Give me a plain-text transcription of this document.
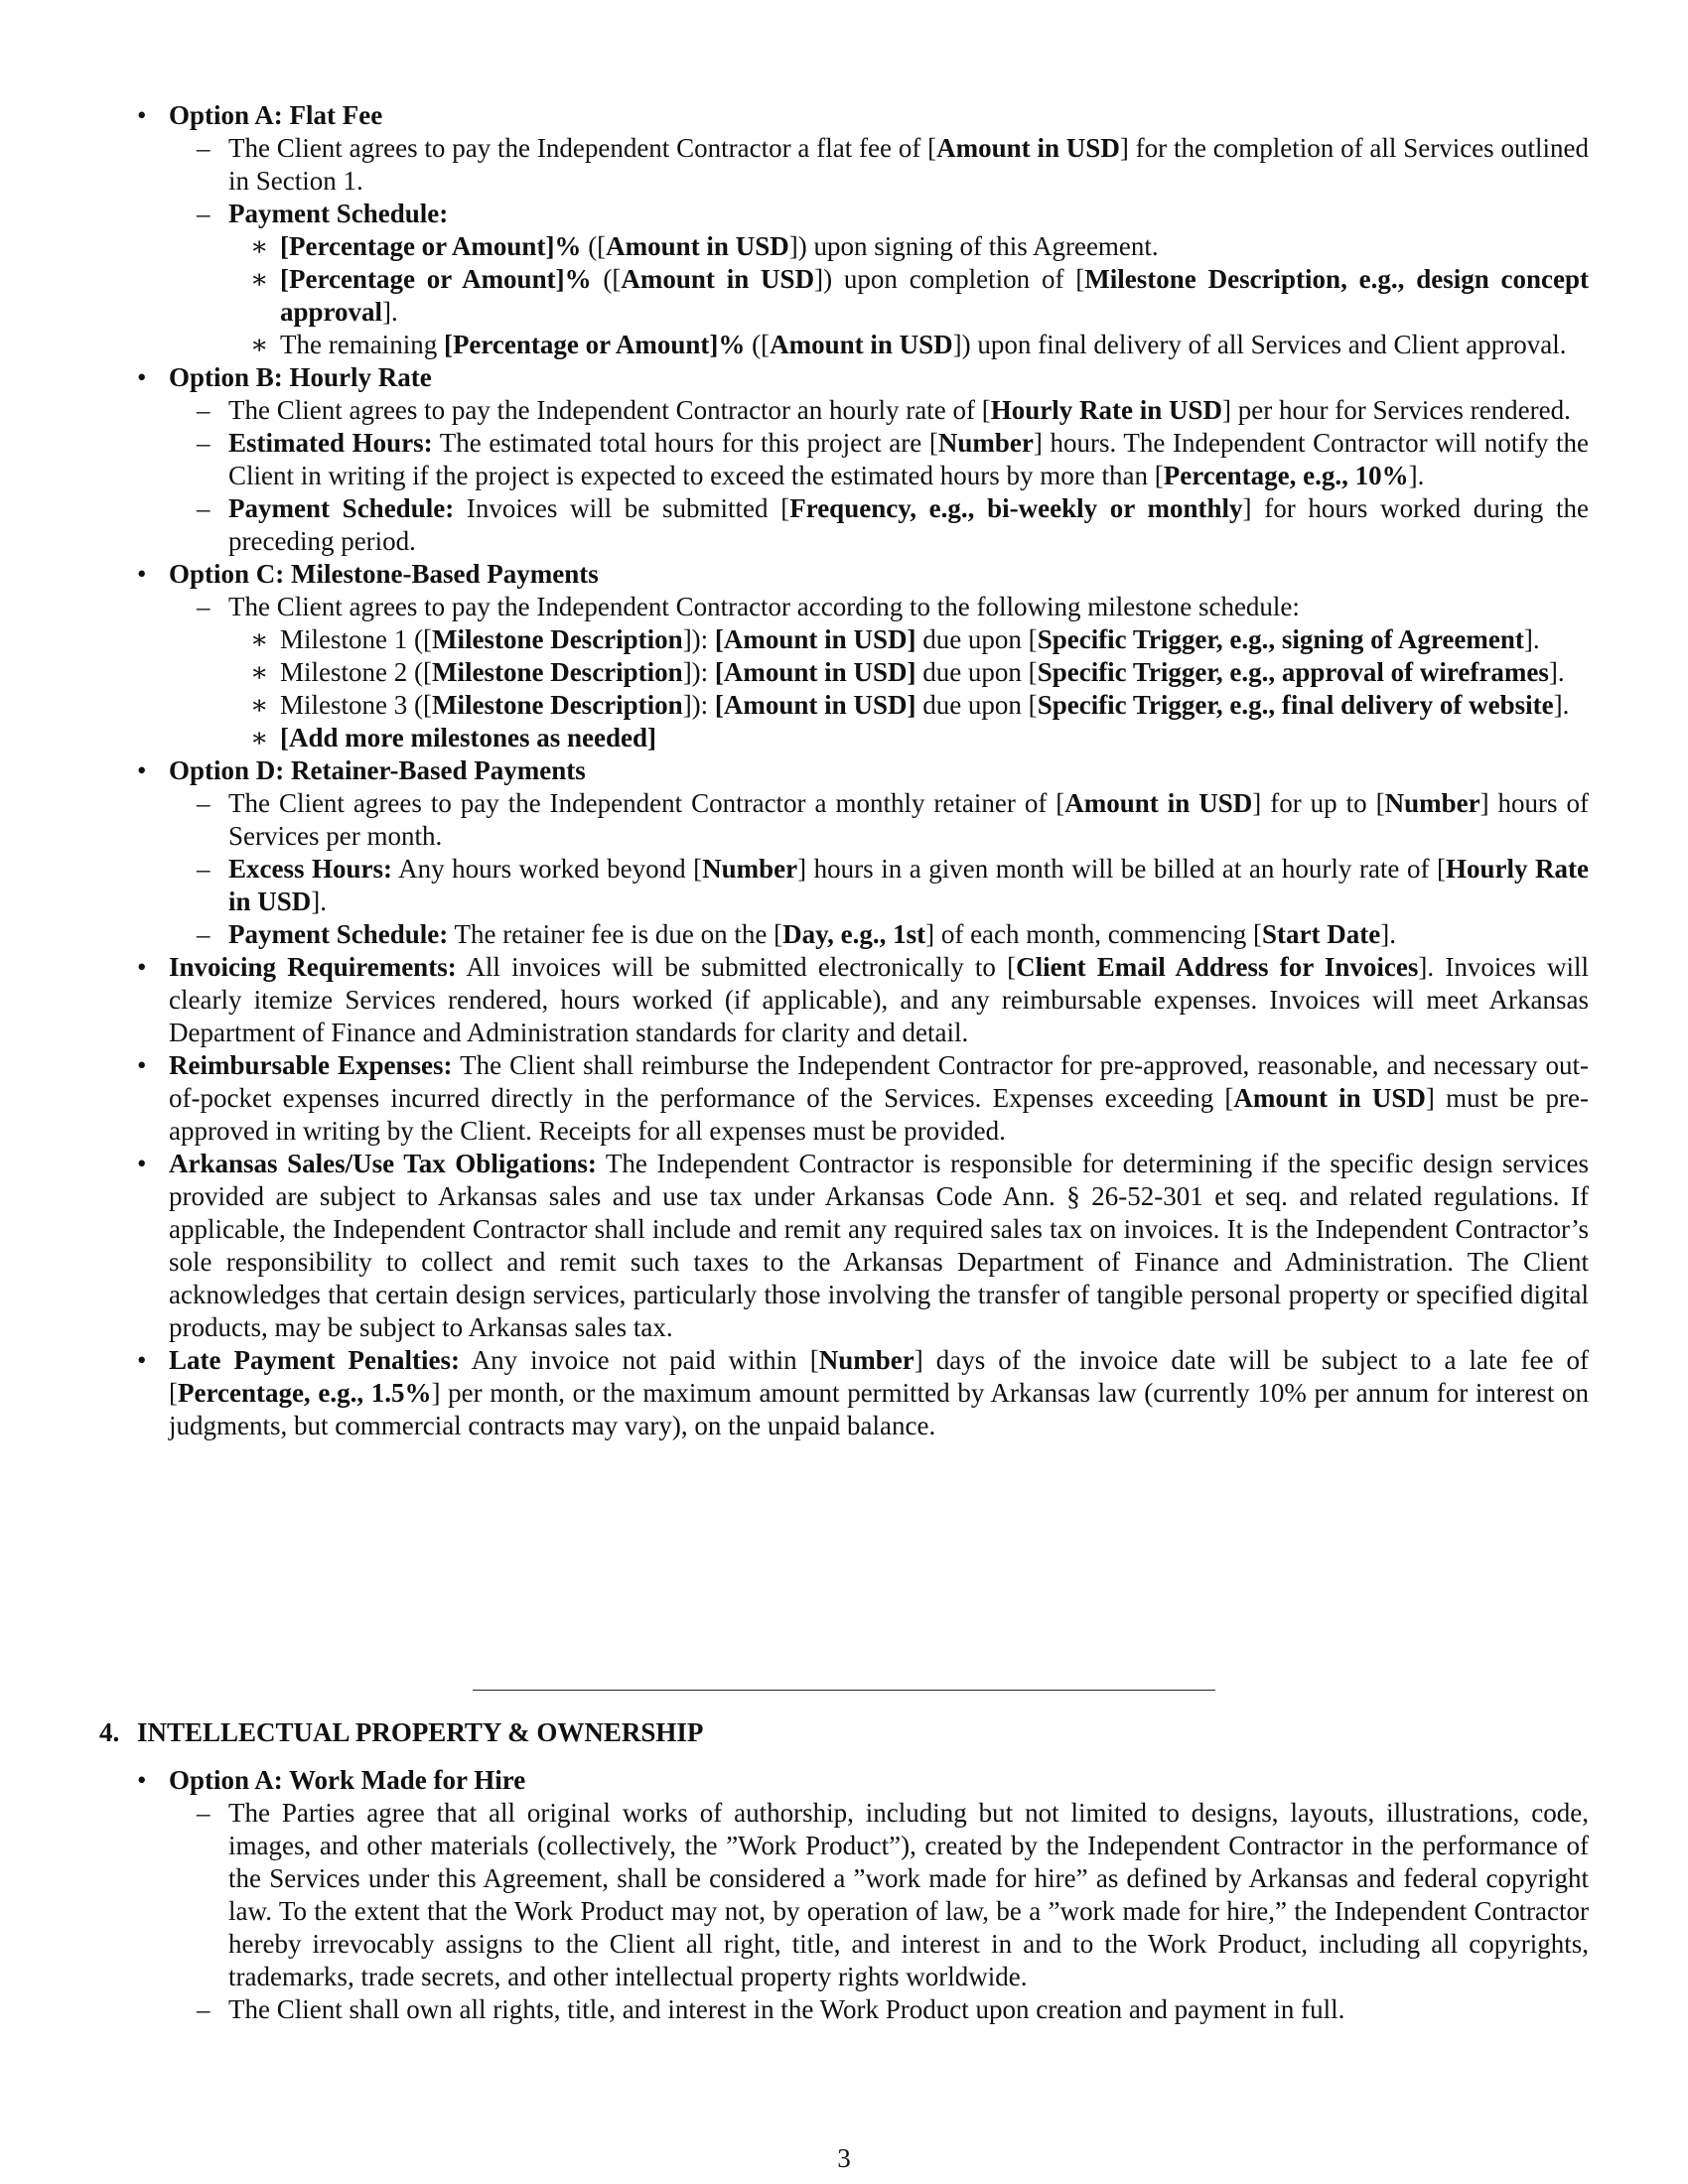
• Option A: Flat Fee
– The Client agrees to pay the Independent Contractor a flat fee of [Amount in USD] for the completion of all Services outlined in Section 1.
– Payment Schedule:
∗ [Percentage or Amount]% ([Amount in USD]) upon signing of this Agreement.
∗ [Percentage or Amount]% ([Amount in USD]) upon completion of [Milestone Description, e.g., design concept approval].
∗ The remaining [Percentage or Amount]% ([Amount in USD]) upon final delivery of all Services and Client approval.
• Option B: Hourly Rate
– The Client agrees to pay the Independent Contractor an hourly rate of [Hourly Rate in USD] per hour for Services rendered.
– Estimated Hours: The estimated total hours for this project are [Number] hours. The Independent Contractor will notify the Client in writing if the project is expected to exceed the estimated hours by more than [Percentage, e.g., 10%].
– Payment Schedule: Invoices will be submitted [Frequency, e.g., bi-weekly or monthly] for hours worked during the preceding period.
• Option C: Milestone-Based Payments
– The Client agrees to pay the Independent Contractor according to the following milestone schedule:
∗ Milestone 1 ([Milestone Description]): [Amount in USD] due upon [Specific Trigger, e.g., signing of Agreement].
∗ Milestone 2 ([Milestone Description]): [Amount in USD] due upon [Specific Trigger, e.g., approval of wireframes].
∗ Milestone 3 ([Milestone Description]): [Amount in USD] due upon [Specific Trigger, e.g., final delivery of website].
∗ [Add more milestones as needed]
• Option D: Retainer-Based Payments
– The Client agrees to pay the Independent Contractor a monthly retainer of [Amount in USD] for up to [Number] hours of Services per month.
– Excess Hours: Any hours worked beyond [Number] hours in a given month will be billed at an hourly rate of [Hourly Rate in USD].
– Payment Schedule: The retainer fee is due on the [Day, e.g., 1st] of each month, commencing [Start Date].
• Invoicing Requirements: All invoices will be submitted electronically to [Client Email Address for Invoices]. Invoices will clearly itemize Services rendered, hours worked (if applicable), and any reimbursable expenses. Invoices will meet Arkansas Department of Finance and Administration standards for clarity and detail.
• Reimbursable Expenses: The Client shall reimburse the Independent Contractor for pre-approved, reasonable, and necessary out-of-pocket expenses incurred directly in the performance of the Services. Expenses exceeding [Amount in USD] must be pre-approved in writing by the Client. Receipts for all expenses must be provided.
• Arkansas Sales/Use Tax Obligations: The Independent Contractor is responsible for determining if the specific design services provided are subject to Arkansas sales and use tax under Arkansas Code Ann. § 26-52-301 et seq. and related regulations. If applicable, the Independent Contractor shall include and remit any required sales tax on invoices. It is the Independent Contractor’s sole responsibility to collect and remit such taxes to the Arkansas Department of Finance and Administration. The Client acknowledges that certain design services, particularly those involving the transfer of tangible personal property or specified digital products, may be subject to Arkansas sales tax.
• Late Payment Penalties: Any invoice not paid within [Number] days of the invoice date will be subject to a late fee of [Percentage, e.g., 1.5%] per month, or the maximum amount permitted by Arkansas law (currently 10% per annum for interest on judgments, but commercial contracts may vary), on the unpaid balance.
4. INTELLECTUAL PROPERTY & OWNERSHIP
• Option A: Work Made for Hire
– The Parties agree that all original works of authorship, including but not limited to designs, layouts, illustrations, code, images, and other materials (collectively, the ”Work Product”), created by the Independent Contractor in the performance of the Services under this Agreement, shall be considered a ”work made for hire” as defined by Arkansas and federal copyright law. To the extent that the Work Product may not, by operation of law, be a ”work made for hire,” the Independent Contractor hereby irrevocably assigns to the Client all right, title, and interest in and to the Work Product, including all copyrights, trademarks, trade secrets, and other intellectual property rights worldwide.
– The Client shall own all rights, title, and interest in the Work Product upon creation and payment in full.
3
